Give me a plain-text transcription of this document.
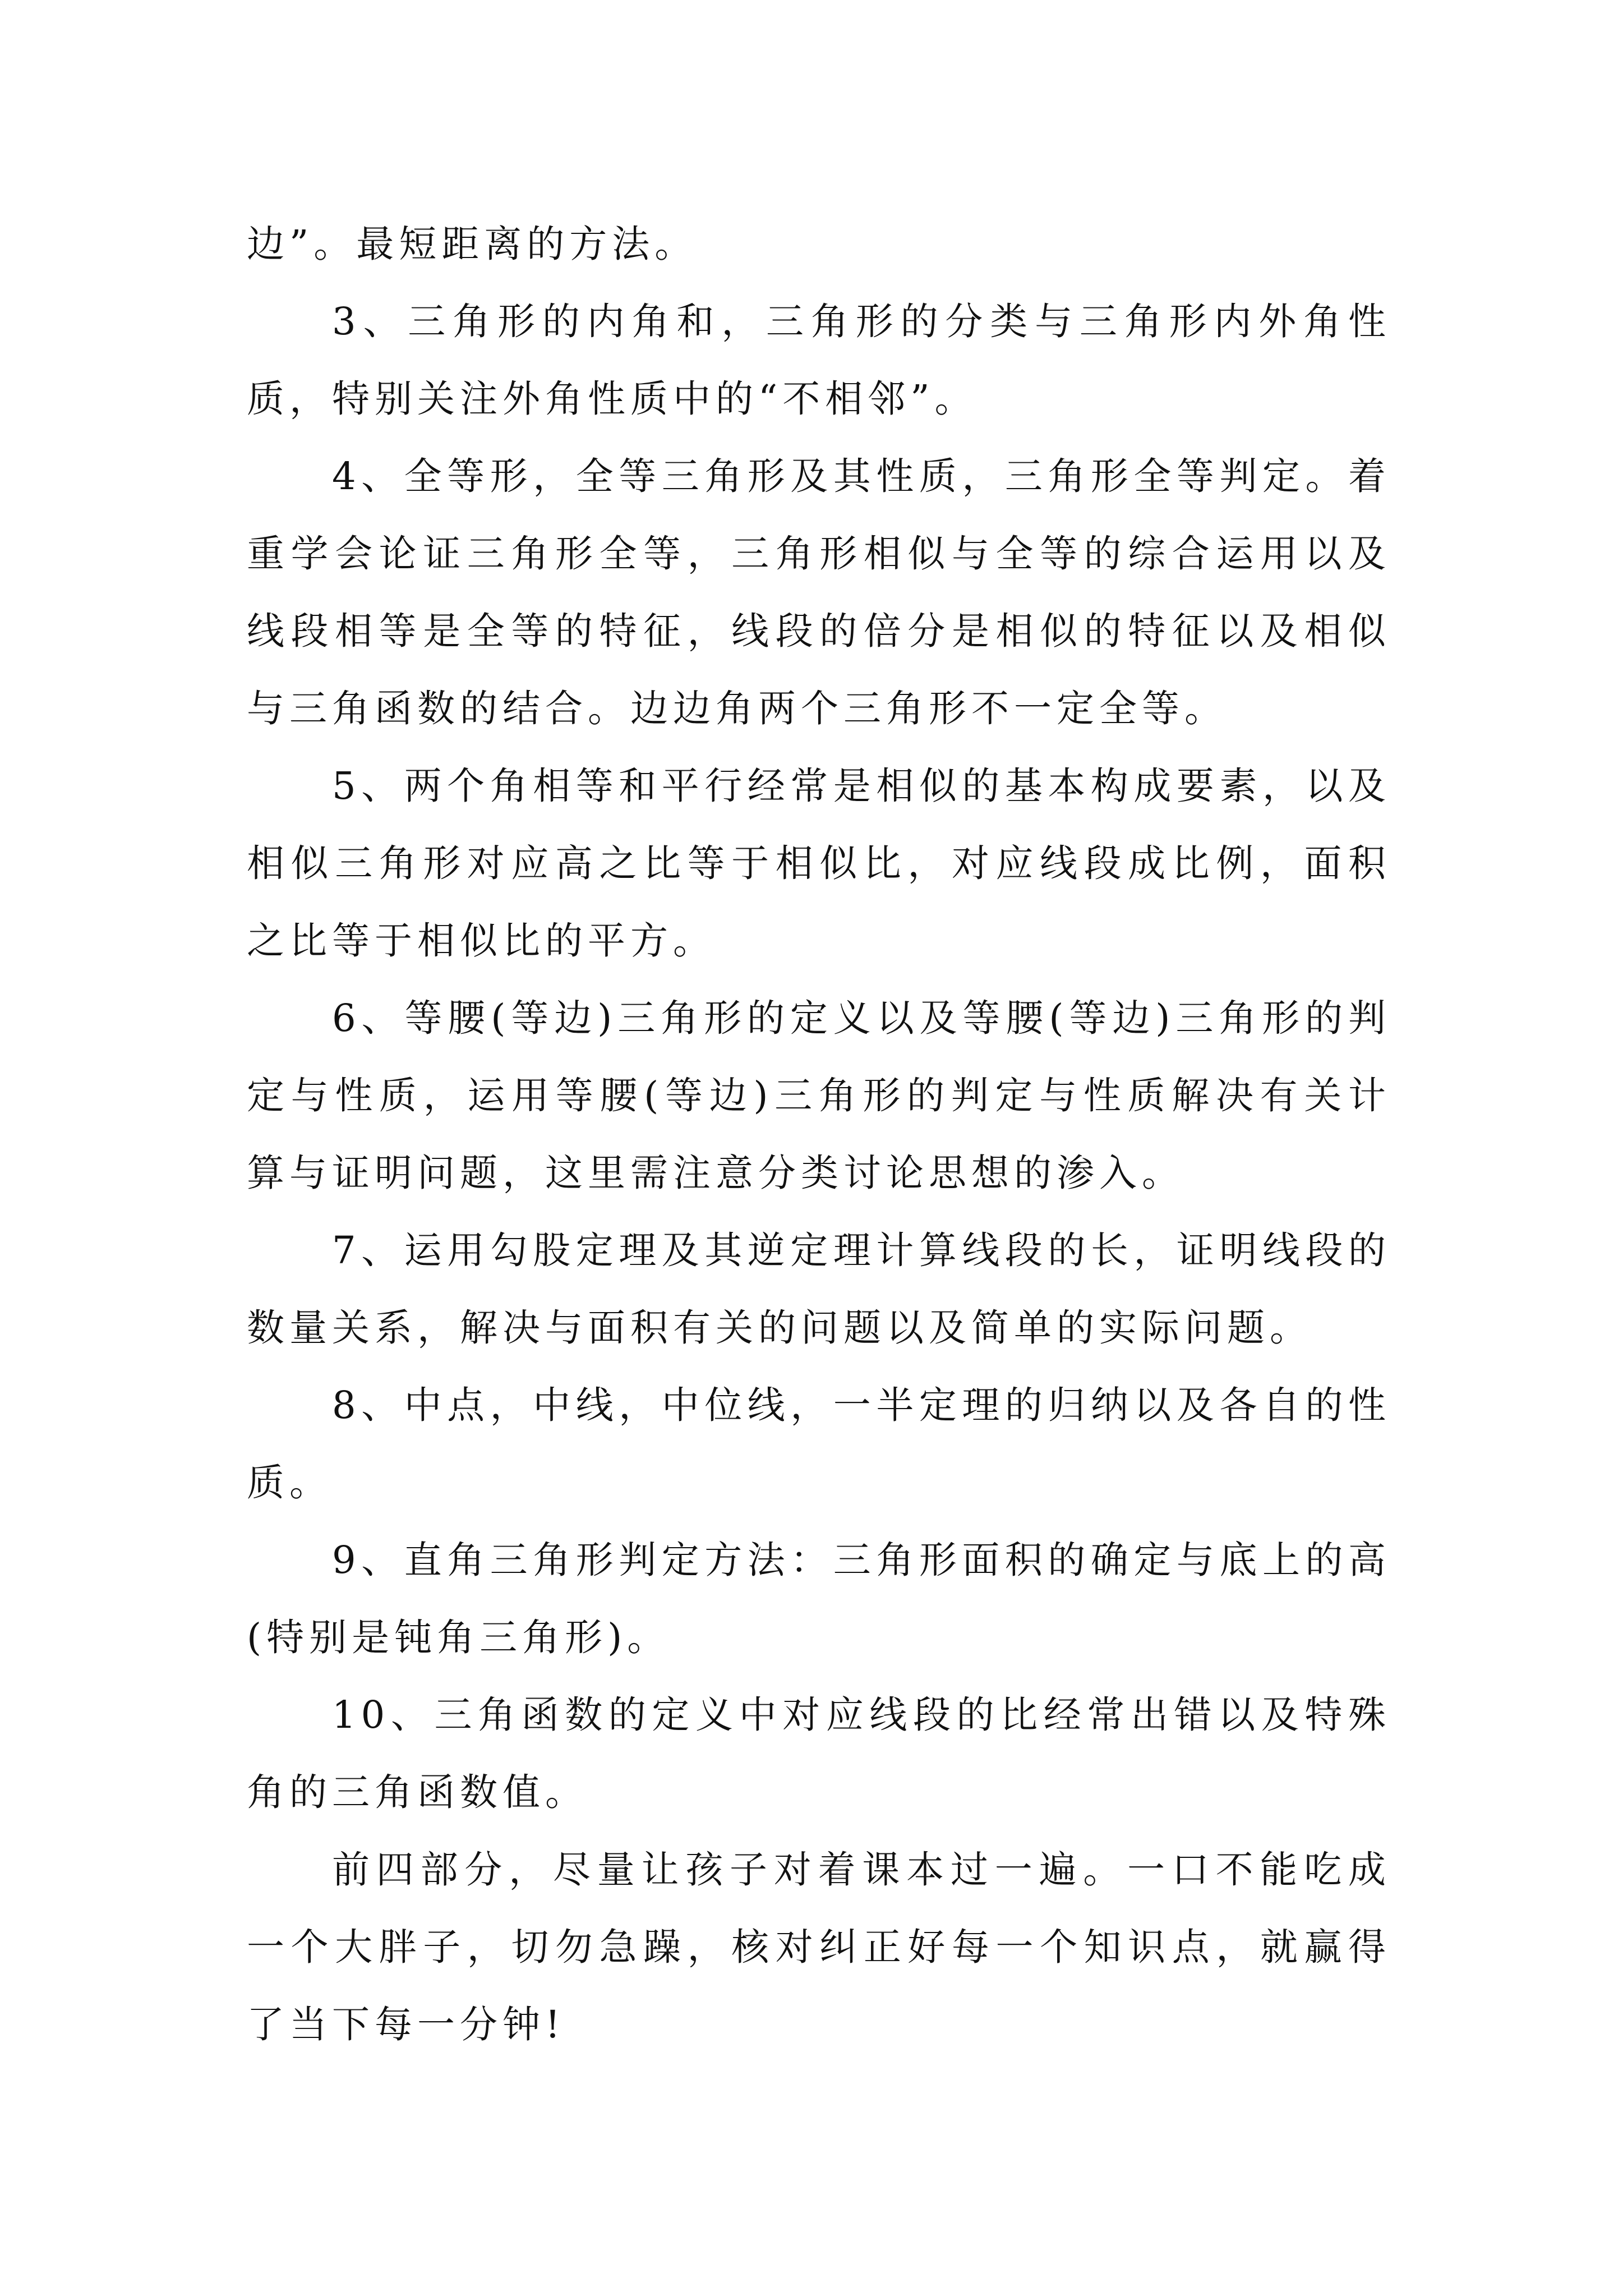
边”。最短距离的方法。

3、三角形的内角和，三角形的分类与三角形内外角性质，特别关注外角性质中的“不相邻”。

4、全等形，全等三角形及其性质，三角形全等判定。着重学会论证三角形全等，三角形相似与全等的综合运用以及线段相等是全等的特征，线段的倍分是相似的特征以及相似与三角函数的结合。边边角两个三角形不一定全等。

5、两个角相等和平行经常是相似的基本构成要素，以及相似三角形对应高之比等于相似比，对应线段成比例，面积之比等于相似比的平方。

6、等腰(等边)三角形的定义以及等腰(等边)三角形的判定与性质，运用等腰(等边)三角形的判定与性质解决有关计算与证明问题，这里需注意分类讨论思想的渗入。

7、运用勾股定理及其逆定理计算线段的长，证明线段的数量关系，解决与面积有关的问题以及简单的实际问题。

8、中点，中线，中位线，一半定理的归纳以及各自的性质。

9、直角三角形判定方法：三角形面积的确定与底上的高(特别是钝角三角形)。

10、三角函数的定义中对应线段的比经常出错以及特殊角的三角函数值。

前四部分，尽量让孩子对着课本过一遍。一口不能吃成一个大胖子，切勿急躁，核对纠正好每一个知识点，就赢得了当下每一分钟!
